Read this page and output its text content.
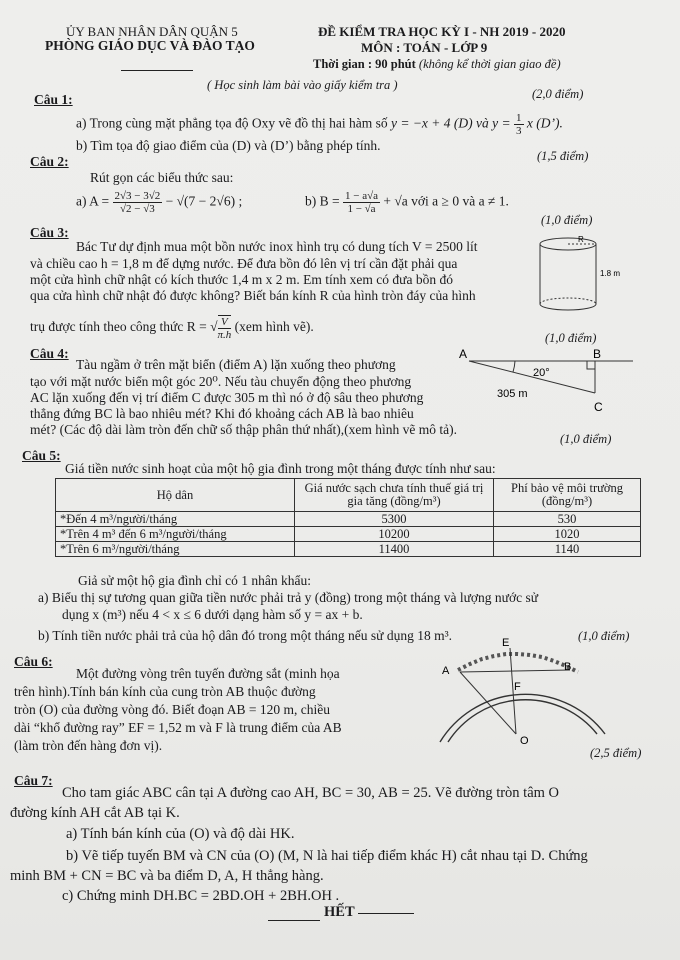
ỦY BAN NHÂN DÂN QUẬN 5
PHÒNG GIÁO DỤC VÀ ĐÀO TẠO
ĐỀ KIỂM TRA HỌC KỲ I - NH 2019 - 2020
MÔN : TOÁN - LỚP 9
Thời gian : 90 phút (không kể thời gian giao đề)
( Học sinh làm bài vào giấy kiểm tra )
Câu 1:	(2,0 điểm)
a) Trong cùng mặt phẳng tọa độ Oxy vẽ đồ thị hai hàm số y = −x + 4 (D) và $y = \frac{1}{3}$ x (D’).
b) Tìm tọa độ giao điểm của (D) và (D’) bằng phép tính.
Câu 2:	(1,5 điểm)
Rút gọn các biểu thức sau:
a) $A = \frac{2√3 - 3√2}{√2 - √3} - √(7 - 2√6)$ ;	b) $B = \frac{1 - a√a}{1 - √a} + √a$ với a ≥ 0 và a ≠ 1.
Câu 3:
(1,0 điểm)
Bác Tư dự định mua một bồn nước inox hình trụ có dung tích V = 2500 lít
và chiều cao h = 1,8 m để dựng nước. Để đưa bồn đó lên vị trí cần đặt phải qua
một cửa hình chữ nhật có kích thước 1,4 m x 2 m. Em tính xem có đưa bồn đó
qua cửa hình chữ nhật đó được không? Biết bán kính R của hình tròn đáy của hình
trụ được tính theo công thức R = √ $\frac{V}{\pi.h} (xem$ hình vẽ).
R
1.8 m
(1,0 điểm)
Câu 4:
Tàu ngầm ở trên mặt biển (điểm A) lặn xuống theo phương
tạo với mặt nước biển một góc 20⁰. Nếu tàu chuyển động theo phương
AC lặn xuống đến vị trí điểm C được 305 m thì nó ở độ sâu theo phương
thẳng đứng BC là bao nhiêu mét? Khi đó khoảng cách AB là bao nhiêu
mét? (Các độ dài làm tròn đến chữ số thập phân thứ nhất),(xem hình vẽ mô tả).
A	B
C
20°
305 m
(1,0 điểm)
Câu 5:
Giá tiền nước sinh hoạt của một hộ gia đình trong một tháng được tính như sau:
Hộ dân	Giá nước sạch chưa tính thuế giá trị gia tăng (đồng/m³)	Phí bảo vệ môi trường (đồng/m³)
*Đến 4 m³/người/tháng	5300	530
*Trên 4 m³ đến 6 m³/người/tháng	10200	1020
*Trên 6 m³/người/tháng	11400	1140
Giả sử một hộ gia đình chỉ có 1 nhân khẩu:
a) Biểu thị sự tương quan giữa tiền nước phải trả y (đồng) trong một tháng và lượng nước sử
dụng x (m³) nếu 4 < x ≤ 6 dưới dạng hàm số y = ax + b.
b) Tính tiền nước phải trả của hộ dân đó trong một tháng nếu sử dụng 18 m³.	(1,0 điểm)
Câu 6:
Một đường vòng trên tuyến đường sắt (minh họa
trên hình).Tính bán kính của cung tròn AB thuộc đường
tròn (O) của đường vòng đó. Biết đoạn AB = 120 m, chiều
dài “khổ đường ray” EF = 1,52 m và F là trung điểm của AB
(làm tròn đến hàng đơn vị).
A	B
E
F
O
(2,5 điểm)
Câu 7:
Cho tam giác ABC cân tại A đường cao AH, BC = 30, AB = 25. Vẽ đường tròn tâm O
đường kính AH cắt AB tại K.
a) Tính bán kính của (O) và độ dài HK.
b) Vẽ tiếp tuyến BM và CN của (O) (M, N là hai tiếp điểm khác H) cắt nhau tại D. Chứng
minh BM + CN = BC và ba điểm D, A, H thẳng hàng.
c) Chứng minh DH.BC = 2BD.OH + 2BH.OH .
HẾT
